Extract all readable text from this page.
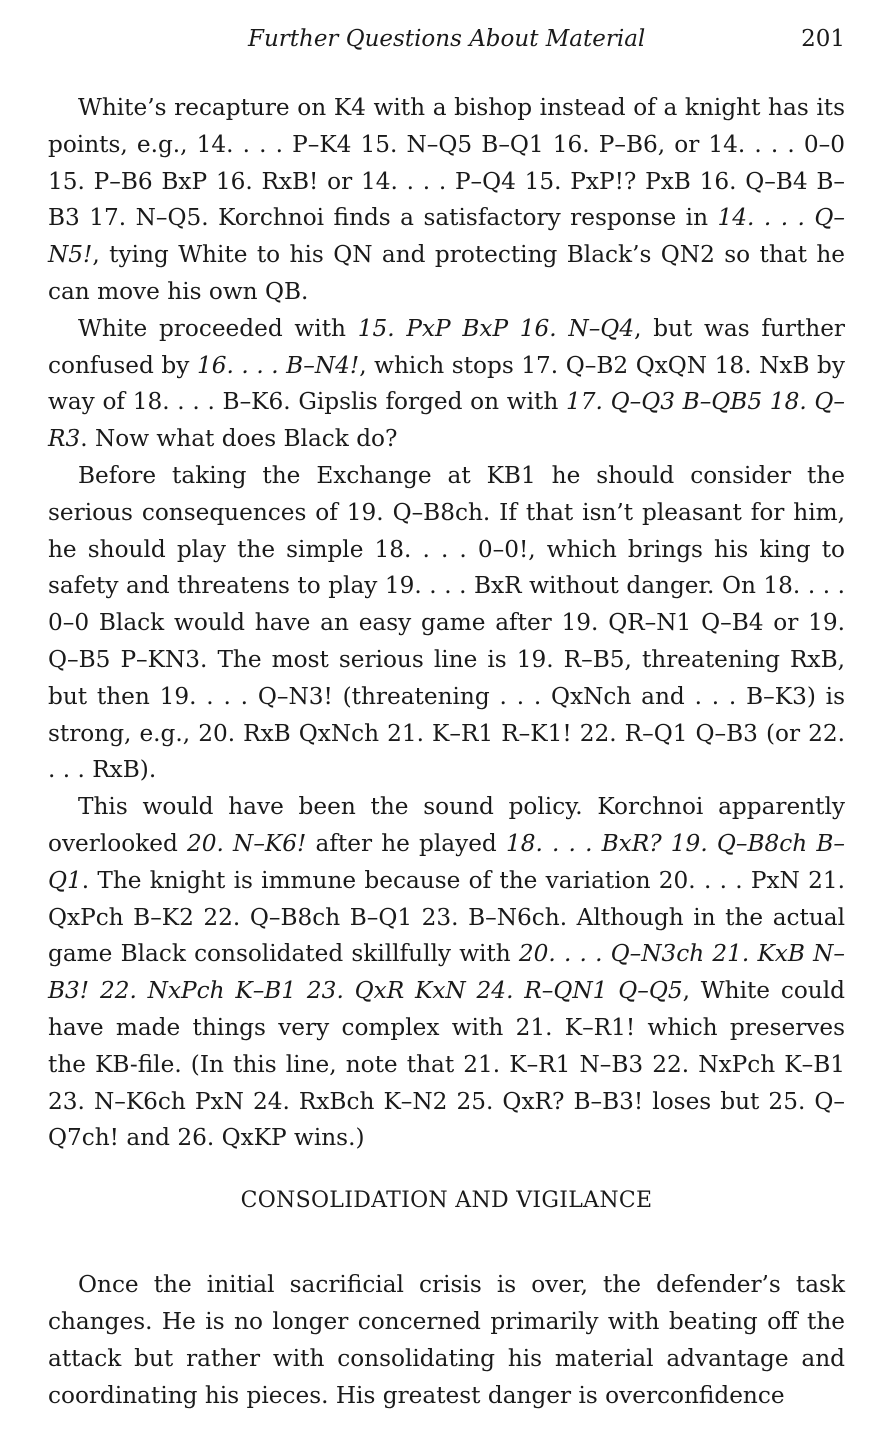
Further Questions About Material	201

White’s recapture on K4 with a bishop instead of a knight has its points, e.g., 14. . . . P–K4 15. N–Q5 B–Q1 16. P–B6, or 14. . . . 0–0 15. P–B6 BxP 16. RxB! or 14. . . . P–Q4 15. PxP!? PxB 16. Q–B4 B–B3 17. N–Q5. Korchnoi finds a satisfactory response in 14. . . . Q–N5!, tying White to his QN and protecting Black’s QN2 so that he can move his own QB.

White proceeded with 15. PxP BxP 16. N–Q4, but was further confused by 16. . . . B–N4!, which stops 17. Q–B2 QxQN 18. NxB by way of 18. . . . B–K6. Gipslis forged on with 17. Q–Q3 B–QB5 18. Q–R3. Now what does Black do?

Before taking the Exchange at KB1 he should consider the serious consequences of 19. Q–B8ch. If that isn’t pleasant for him, he should play the simple 18. . . . 0–0!, which brings his king to safety and threatens to play 19. . . . BxR without danger. On 18. . . . 0–0 Black would have an easy game after 19. QR–N1 Q–B4 or 19. Q–B5 P–KN3. The most serious line is 19. R–B5, threatening RxB, but then 19. . . . Q–N3! (threatening . . . QxNch and . . . B–K3) is strong, e.g., 20. RxB QxNch 21. K–R1 R–K1! 22. R–Q1 Q–B3 (or 22. . . . RxB).

This would have been the sound policy. Korchnoi apparently overlooked 20. N–K6! after he played 18. . . . BxR? 19. Q–B8ch B–Q1. The knight is immune because of the variation 20. . . . PxN 21. QxPch B–K2 22. Q–B8ch B–Q1 23. B–N6ch. Although in the actual game Black consolidated skillfully with 20. . . . Q–N3ch 21. KxB N–B3! 22. NxPch K–B1 23. QxR KxN 24. R–QN1 Q–Q5, White could have made things very complex with 21. K–R1! which preserves the KB-file. (In this line, note that 21. K–R1 N–B3 22. NxPch K–B1 23. N–K6ch PxN 24. RxBch K–N2 25. QxR? B–B3! loses but 25. Q–Q7ch! and 26. QxKP wins.)

CONSOLIDATION AND VIGILANCE

Once the initial sacrificial crisis is over, the defender’s task changes. He is no longer concerned primarily with beating off the attack but rather with consolidating his material advantage and coordinating his pieces. His greatest danger is overconfidence
